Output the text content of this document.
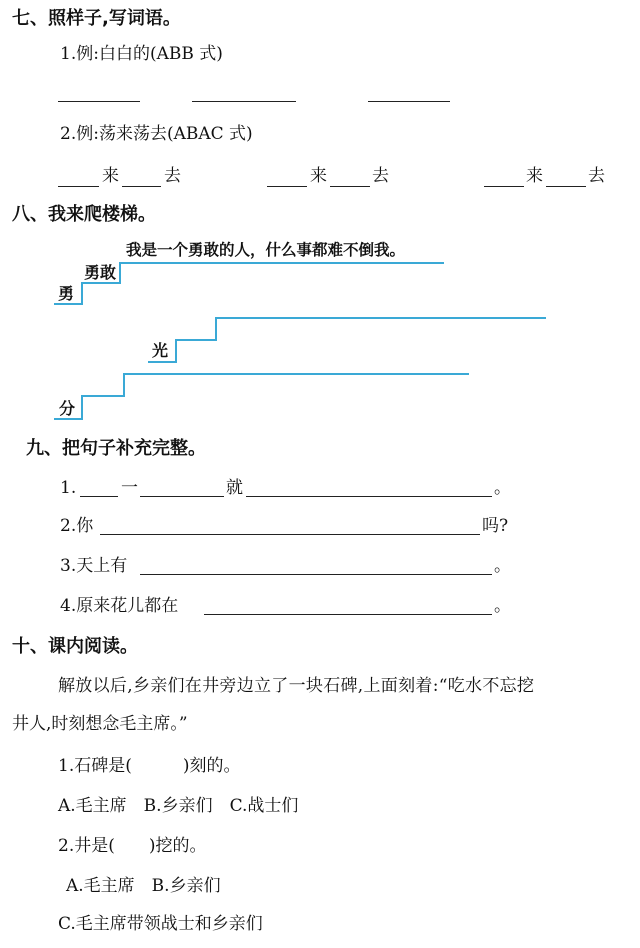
七、照样子,写词语。
1.例:白白的(ABB 式)
2.例:荡来荡去(ABAC 式)
来	去	来	去	来	去
八、我来爬楼梯。
勇
勇敢
我是一个勇敢的人，什么事都难不倒我。
光
分
九、把句子补充完整。
1.	一	就	。
2.你	吗?
3.天上有	。
4.原来花儿都在	。
十、课内阅读。
解放以后,乡亲们在井旁边立了一块石碑,上面刻着:“吃水不忘挖
井人,时刻想念毛主席。”
1.石碑是(　　　)刻的。
A.毛主席　B.乡亲们　C.战士们
2.井是(　　)挖的。
A.毛主席　B.乡亲们
C.毛主席带领战士和乡亲们
